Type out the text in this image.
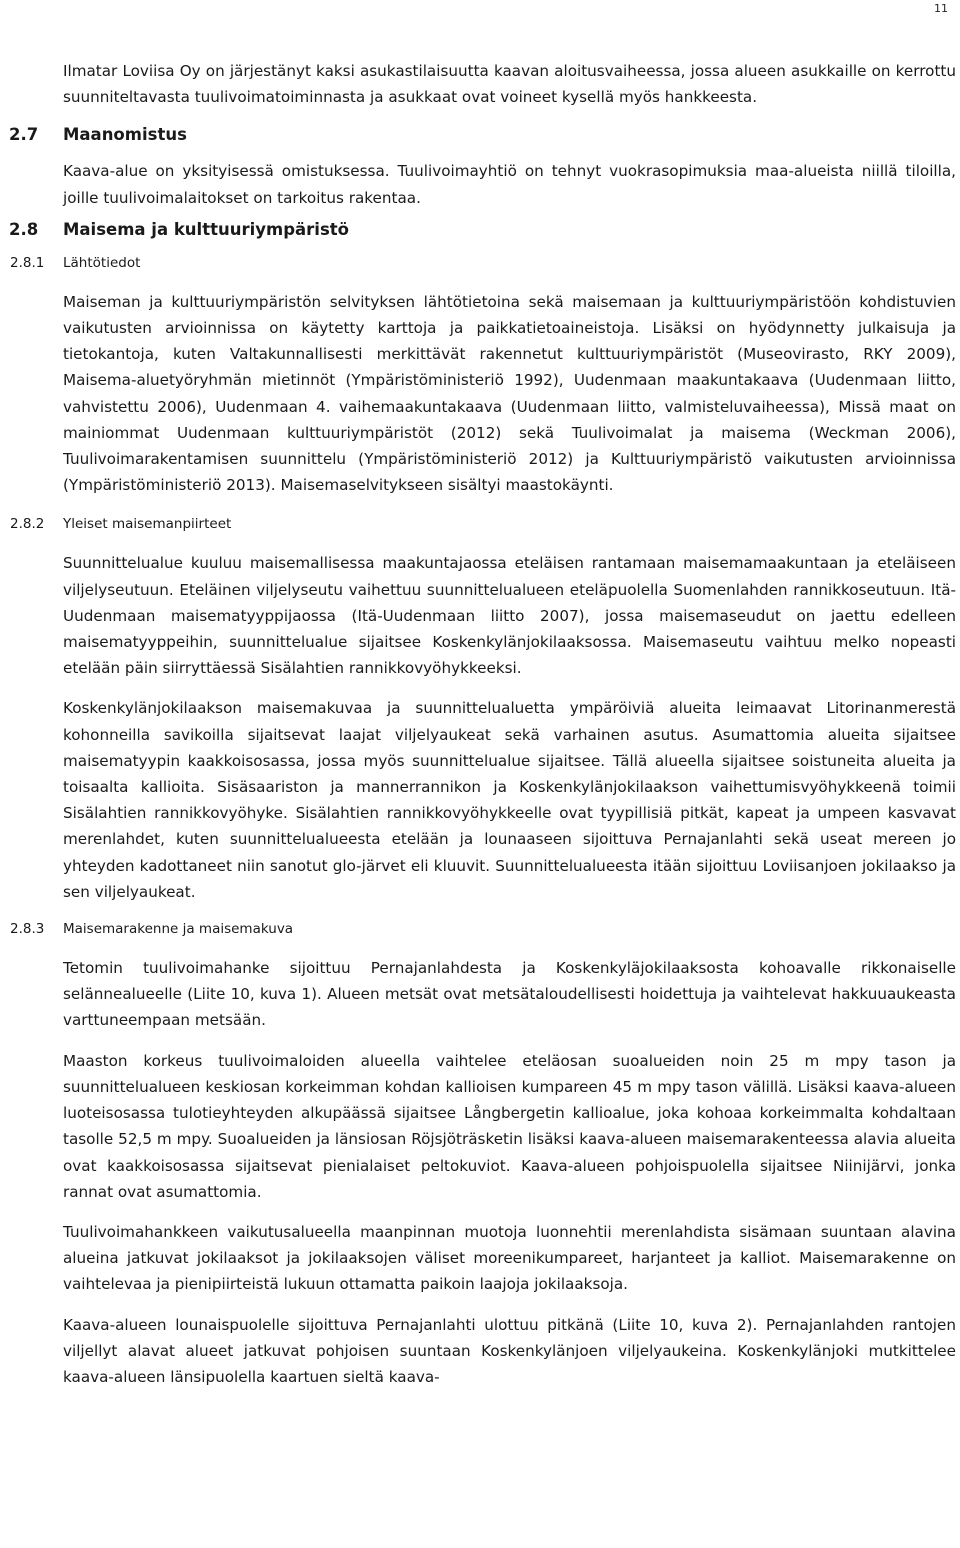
11

Ilmatar Loviisa Oy on järjestänyt kaksi asukastilaisuutta kaavan aloitusvaiheessa, jossa alueen asukkaille on kerrottu suunniteltavasta tuulivoimatoiminnasta ja asukkaat ovat voineet kysellä myös hankkeesta.

2.7 Maanomistus

Kaava-alue on yksityisessä omistuksessa. Tuulivoimayhtiö on tehnyt vuokrasopimuksia maa-alueista niillä tiloilla, joille tuulivoimalaitokset on tarkoitus rakentaa.

2.8 Maisema ja kulttuuriympäristö
2.8.1 Lähtötiedot

Maiseman ja kulttuuriympäristön selvityksen lähtötietoina sekä maisemaan ja kulttuuriympäristöön kohdistuvien vaikutusten arvioinnissa on käytetty karttoja ja paikkatietoaineistoja. Lisäksi on hyödynnetty julkaisuja ja tietokantoja, kuten Valtakunnallisesti merkittävät rakennetut kulttuuriympäristöt (Museovirasto, RKY 2009), Maisema-aluetyöryhmän mietinnöt (Ympäristöministeriö 1992), Uudenmaan maakuntakaava (Uudenmaan liitto, vahvistettu 2006), Uudenmaan 4. vaihemaakuntakaava (Uudenmaan liitto, valmisteluvaiheessa), Missä maat on mainiommat Uudenmaan kulttuuriympäristöt (2012) sekä Tuulivoimalat ja maisema (Weckman 2006), Tuulivoimarakentamisen suunnittelu (Ympäristöministeriö 2012) ja Kulttuuriympäristö vaikutusten arvioinnissa (Ympäristöministeriö 2013). Maisemaselvitykseen sisältyi maastokäynti.

2.8.2 Yleiset maisemanpiirteet

Suunnittelualue kuuluu maisemallisessa maakuntajaossa eteläisen rantamaan maisemamaakuntaan ja eteläiseen viljelyseutuun. Eteläinen viljelyseutu vaihettuu suunnittelualueen eteläpuolella Suomenlahden rannikkoseutuun. Itä-Uudenmaan maisematyyppijaossa (Itä-Uudenmaan liitto 2007), jossa maisemaseudut on jaettu edelleen maisematyyppeihin, suunnittelualue sijaitsee Koskenkylänjokilaaksossa. Maisemaseutu vaihtuu melko nopeasti etelään päin siirryttäessä Sisälahtien rannikkovyöhykkeeksi.

Koskenkylänjokilaakson maisemakuvaa ja suunnittelualuetta ympäröiviä alueita leimaavat Litorinanmerestä kohonneilla savikoilla sijaitsevat laajat viljelyaukeat sekä varhainen asutus. Asumattomia alueita sijaitsee maisematyypin kaakkoisosassa, jossa myös suunnittelualue sijaitsee. Tällä alueella sijaitsee soistuneita alueita ja toisaalta kallioita. Sisäsaariston ja mannerrannikon ja Koskenkylänjokilaakson vaihettumisvyöhykkeenä toimii Sisälahtien rannikkovyöhyke. Sisälahtien rannikkovyöhykkeelle ovat tyypillisiä pitkät, kapeat ja umpeen kasvavat merenlahdet, kuten suunnittelualueesta etelään ja lounaaseen sijoittuva Pernajanlahti sekä useat mereen jo yhteyden kadottaneet niin sanotut glo-järvet eli kluuvit. Suunnittelualueesta itään sijoittuu Loviisanjoen jokilaakso ja sen viljelyaukeat.

2.8.3 Maisemarakenne ja maisemakuva

Tetomin tuulivoimahanke sijoittuu Pernajanlahdesta ja Koskenkyläjokilaaksosta kohoavalle rikkonaiselle selännealueelle (Liite 10, kuva 1). Alueen metsät ovat metsätaloudellisesti hoidettuja ja vaihtelevat hakkuuaukeasta varttuneempaan metsään.

Maaston korkeus tuulivoimaloiden alueella vaihtelee eteläosan suoalueiden noin 25 m mpy tason ja suunnittelualueen keskiosan korkeimman kohdan kallioisen kumpareen 45 m mpy tason välillä. Lisäksi kaava-alueen luoteisosassa tulotieyhteyden alkupäässä sijaitsee Långbergetin kallioalue, joka kohoaa korkeimmalta kohdaltaan tasolle 52,5 m mpy. Suoalueiden ja länsiosan Röjsjöträsketin lisäksi kaava-alueen maisemarakenteessa alavia alueita ovat kaakkoisosassa sijaitsevat pienialaiset peltokuviot. Kaava-alueen pohjoispuolella sijaitsee Niinijärvi, jonka rannat ovat asumattomia.

Tuulivoimahankkeen vaikutusalueella maanpinnan muotoja luonnehtii merenlahdista sisämaan suuntaan alavina alueina jatkuvat jokilaaksot ja jokilaaksojen väliset moreenikumpareet, harjanteet ja kalliot. Maisemarakenne on vaihtelevaa ja pienipiirteistä lukuun ottamatta paikoin laajoja jokilaaksoja.

Kaava-alueen lounaispuolelle sijoittuva Pernajanlahti ulottuu pitkänä (Liite 10, kuva 2). Pernajanlahden rantojen viljellyt alavat alueet jatkuvat pohjoisen suuntaan Koskenkylänjoen viljelyaukeina. Koskenkylänjoki mutkittelee kaava-alueen länsipuolella kaartuen sieltä kaava-
